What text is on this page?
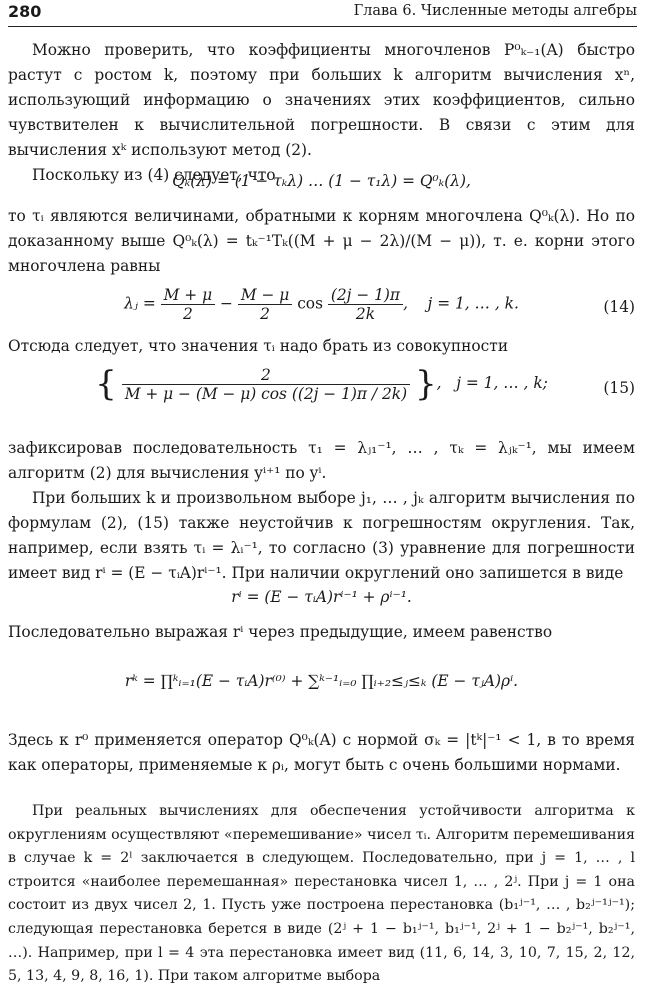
280	Глава 6. Численные методы алгебры

Можно проверить, что коэффициенты многочленов P⁰ₖ₋₁(A) быстро растут с ростом k, поэтому при больших k алгоритм вычисления xⁿ, использующий информацию о значениях этих коэффициентов, сильно чувствителен к вычислительной погрешности. В связи с этим для вычисления xᵏ используют метод (2).

Поскольку из (4) следует, что

Qₖ(λ) = (1 − τₖλ) … (1 − τ₁λ) = Q⁰ₖ(λ),
то τᵢ являются величинами, обратными к корням многочлена Q⁰ₖ(λ). Но по доказанному выше Q⁰ₖ(λ) = tₖ⁻¹Tₖ((M + μ − 2λ)/(M − μ)), т. е. корни этого многочлена равны
λⱼ = $\frac{M + \mu}{2} - \frac{M - \mu}{2}$ $\cos \frac{(2j - 1)\pi}{2k}$ ,    j = 1, … , k.	(14)
Отсюда следует, что значения τᵢ надо брать из совокупности
{ $\frac{2}{M + \mu - (M - \mu) \cos ((2j - 1)\pi / 2k)}$ },   j = 1, … , k;	(15)

зафиксировав последовательность τ₁ = λⱼ₁⁻¹, … , τₖ = λⱼₖ⁻¹, мы имеем алгоритм (2) для вычисления yⁱ⁺¹ по yⁱ.

При больших k и произвольном выборе j₁, … , jₖ алгоритм вычисления по формулам (2), (15) также неустойчив к погрешностям округления. Так, например, если взять τᵢ = λᵢ⁻¹, то согласно (3) уравнение для погрешности имеет вид rⁱ = (E − τᵢA)rⁱ⁻¹. При наличии округлений оно запишется в виде

rⁱ = (E − τᵢA)rⁱ⁻¹ + ρⁱ⁻¹.
Последовательно выражая rⁱ через предыдущие, имеем равенство
rᵏ = ∏ᵏᵢ₌₁(E − τᵢA)r⁽⁰⁾ + ∑ᵏ⁻¹ᵢ₌₀ ∏ᵢ₊₂≤ⱼ≤ₖ (E − τⱼA)ρⁱ.
Здесь к r⁰ применяется оператор Q⁰ₖ(A) с нормой σₖ = |tᵏ|⁻¹ < 1, в то время как операторы, применяемые к ρᵢ, могут быть с очень большими нормами.

При реальных вычислениях для обеспечения устойчивости алгоритма к округлениям осуществляют «перемешивание» чисел τᵢ. Алгоритм перемешивания в случае k = 2ˡ заключается в следующем. Последовательно, при j = 1, … , l строится «наиболее перемешанная» перестановка чисел 1, … , 2ʲ. При j = 1 она состоит из двух чисел 2, 1. Пусть уже построена перестановка (b₁ʲ⁻¹, … , b₂ʲ⁻¹ʲ⁻¹); следующая перестановка берется в виде (2ʲ + 1 − b₁ʲ⁻¹, b₁ʲ⁻¹, 2ʲ + 1 − b₂ʲ⁻¹, b₂ʲ⁻¹, …). Например, при l = 4 эта перестановка имеет вид (11, 6, 14, 3, 10, 7, 15, 2, 12, 5, 13, 4, 9, 8, 16, 1). При таком алгоритме выбора
